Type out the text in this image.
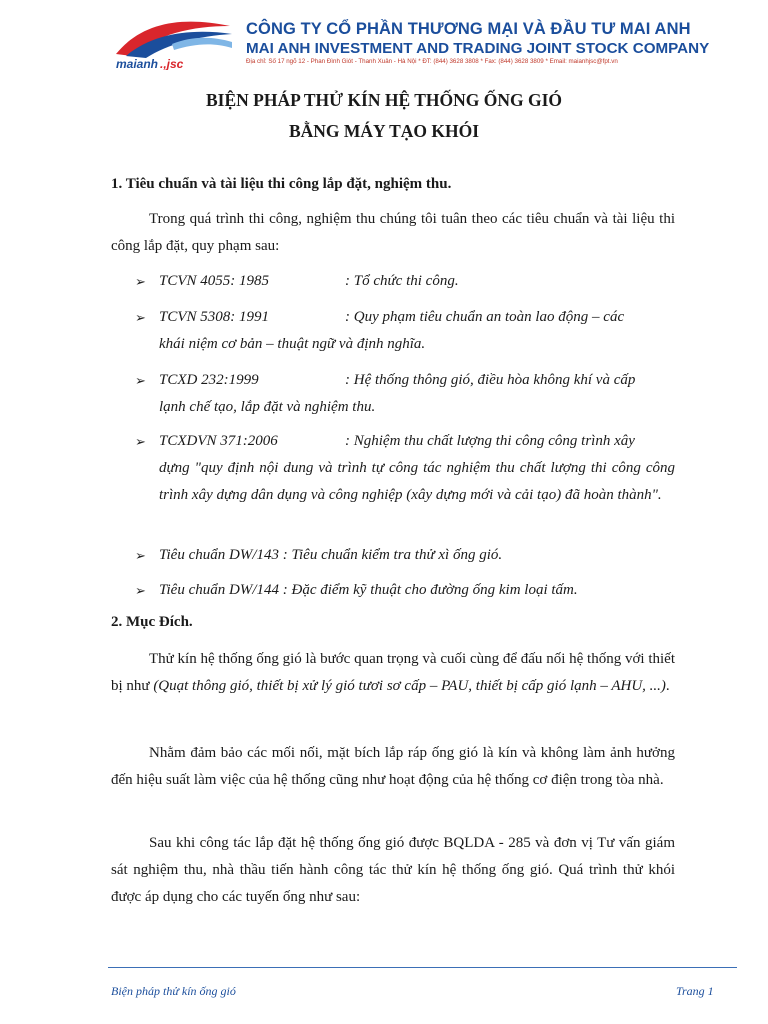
maianh .,jsc
CÔNG TY CỔ PHẦN THƯƠNG MẠI VÀ ĐẦU TƯ MAI ANH
MAI ANH INVESTMENT AND TRADING JOINT STOCK COMPANY
Địa chỉ: Số 17 ngõ 12 - Phan Đình Giót - Thanh Xuân - Hà Nội * ĐT: (844) 3628 3808 * Fax: (844) 3628 3809 * Email: maianhjsc@fpt.vn
BIỆN PHÁP THỬ KÍN HỆ THỐNG ỐNG GIÓ
BẰNG MÁY TẠO KHÓI
1. Tiêu chuẩn và tài liệu thi công lắp đặt, nghiệm thu.
Trong quá trình thi công, nghiệm thu chúng tôi tuân theo các tiêu chuẩn và tài liệu thi công lắp đặt, quy phạm sau:
➢ TCVN 4055: 1985	: Tổ chức thi công.
➢ TCVN 5308: 1991	: Quy phạm tiêu chuẩn an toàn lao động – các
khái niệm cơ bản – thuật ngữ và định nghĩa.
➢ TCXD 232:1999	: Hệ thống thông gió, điều hòa không khí và cấp
lạnh chế tạo, lắp đặt và nghiệm thu.
➢ TCXDVN 371:2006	: Nghiệm thu chất lượng thi công công trình xây
dựng "quy định nội dung và trình tự công tác nghiệm thu chất lượng thi công công trình xây dựng dân dụng và công nghiệp (xây dựng mới và cải tạo) đã hoàn thành".
➢ Tiêu chuẩn DW/143 : Tiêu chuẩn kiểm tra thử xì ống gió.
➢ Tiêu chuẩn DW/144 : Đặc điểm kỹ thuật cho đường ống kim loại tấm.
2. Mục Đích.
Thử kín hệ thống ống gió là bước quan trọng và cuối cùng để đấu nối hệ thống với thiết bị như (Quạt thông gió, thiết bị xử lý gió tươi sơ cấp – PAU, thiết bị cấp gió lạnh – AHU, ...).
Nhằm đảm bảo các mối nối, mặt bích lắp ráp ống gió là kín và không làm ảnh hưởng đến hiệu suất làm việc của hệ thống cũng như hoạt động của hệ thống cơ điện trong tòa nhà.
Sau khi công tác lắp đặt hệ thống ống gió được BQLDA - 285 và đơn vị Tư vấn giám sát nghiệm thu, nhà thầu tiến hành công tác thử kín hệ thống ống gió. Quá trình thử khói được áp dụng cho các tuyến ống như sau:
Biện pháp thử kín ống gió	Trang 1
